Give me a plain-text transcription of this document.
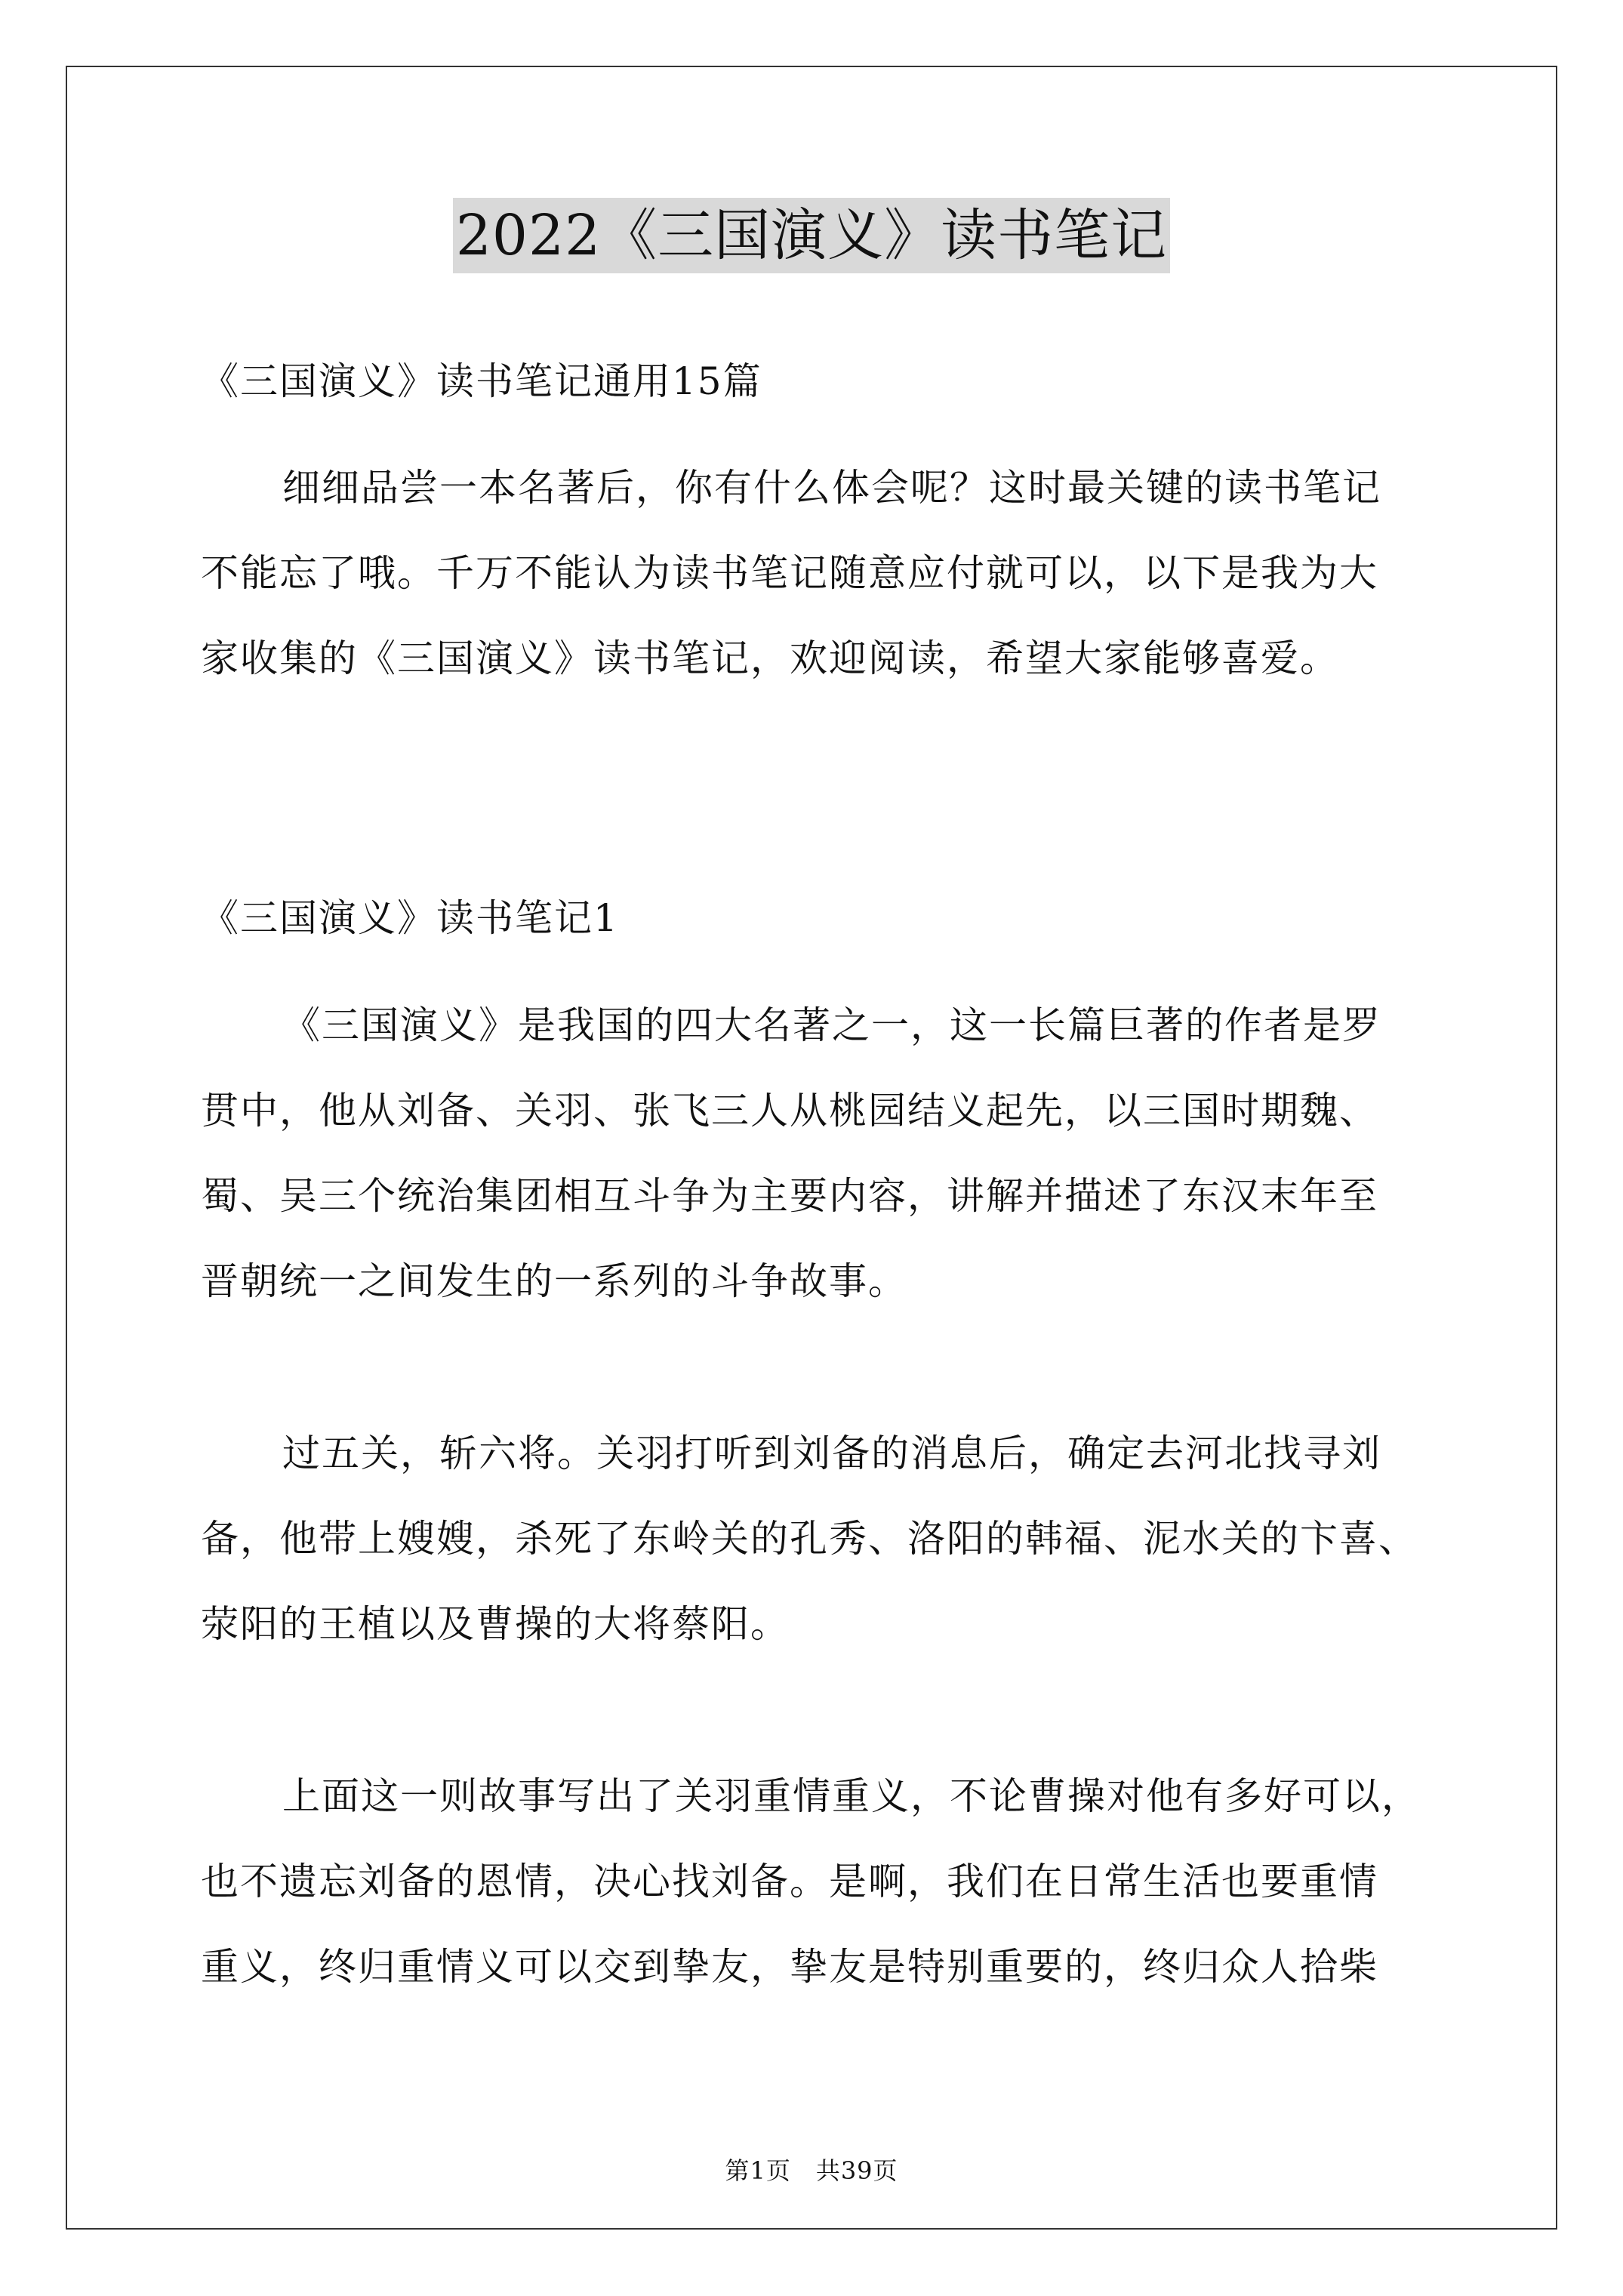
2022《三国演义》读书笔记

《三国演义》读书笔记通用15篇

细细品尝一本名著后，你有什么体会呢？这时最关键的读书笔记
不能忘了哦。千万不能认为读书笔记随意应付就可以，以下是我为大
家收集的《三国演义》读书笔记，欢迎阅读，希望大家能够喜爱。

《三国演义》读书笔记1

《三国演义》是我国的四大名著之一，这一长篇巨著的作者是罗
贯中，他从刘备、关羽、张飞三人从桃园结义起先，以三国时期魏、
蜀、吴三个统治集团相互斗争为主要内容，讲解并描述了东汉末年至
晋朝统一之间发生的一系列的斗争故事。
过五关，斩六将。关羽打听到刘备的消息后，确定去河北找寻刘
备，他带上嫂嫂，杀死了东岭关的孔秀、洛阳的韩福、泥水关的卞喜、
荥阳的王植以及曹操的大将蔡阳。
上面这一则故事写出了关羽重情重义，不论曹操对他有多好可以，
也不遗忘刘备的恩情，决心找刘备。是啊，我们在日常生活也要重情
重义，终归重情义可以交到挚友，挚友是特别重要的，终归众人拾柴
第1页　共39页
